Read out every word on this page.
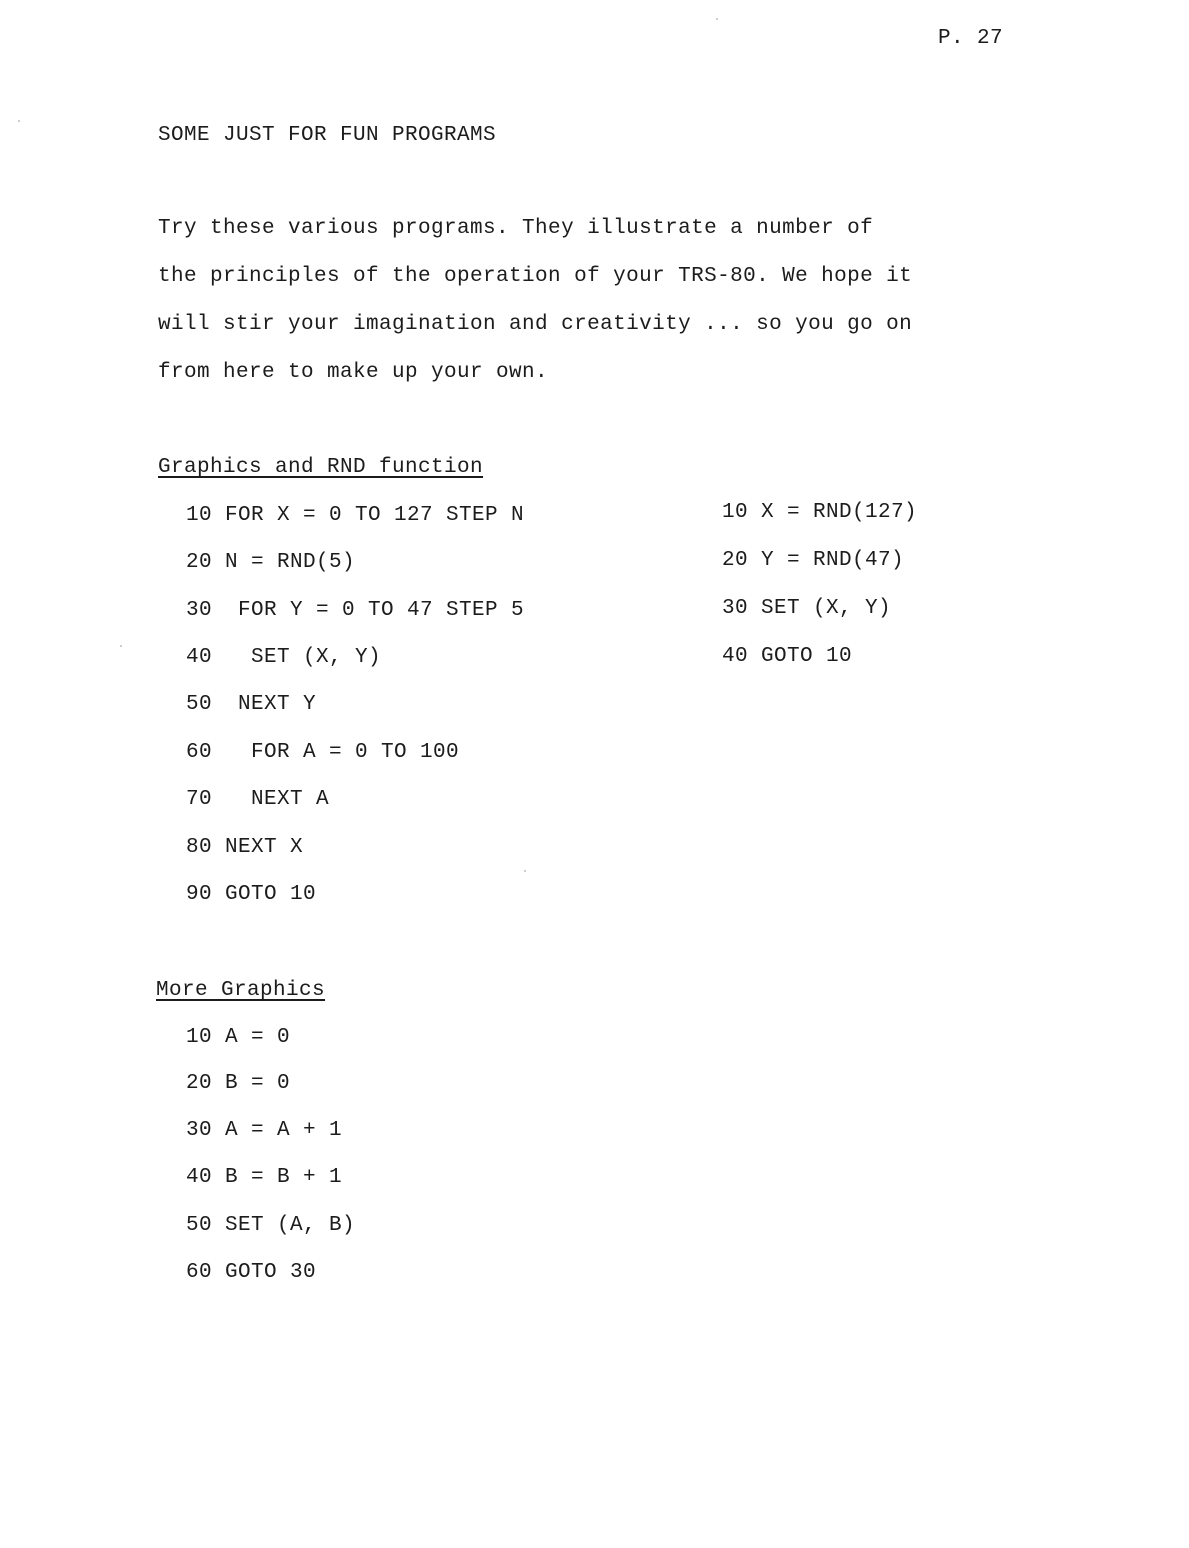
P. 27
SOME JUST FOR FUN PROGRAMS
Try these various programs. They illustrate a number of
the principles of the operation of your TRS-80. We hope it
will stir your imagination and creativity ... so you go on
from here to make up your own.
Graphics and RND function
10 FOR X = 0 TO 127 STEP N
20 N = RND(5)
30  FOR Y = 0 TO 47 STEP 5
40   SET (X, Y)
50  NEXT Y
60   FOR A = 0 TO 100
70   NEXT A
80 NEXT X
90 GOTO 10
10 X = RND(127)
20 Y = RND(47)
30 SET (X, Y)
40 GOTO 10
More Graphics
10 A = 0
20 B = 0
30 A = A + 1
40 B = B + 1
50 SET (A, B)
60 GOTO 30
